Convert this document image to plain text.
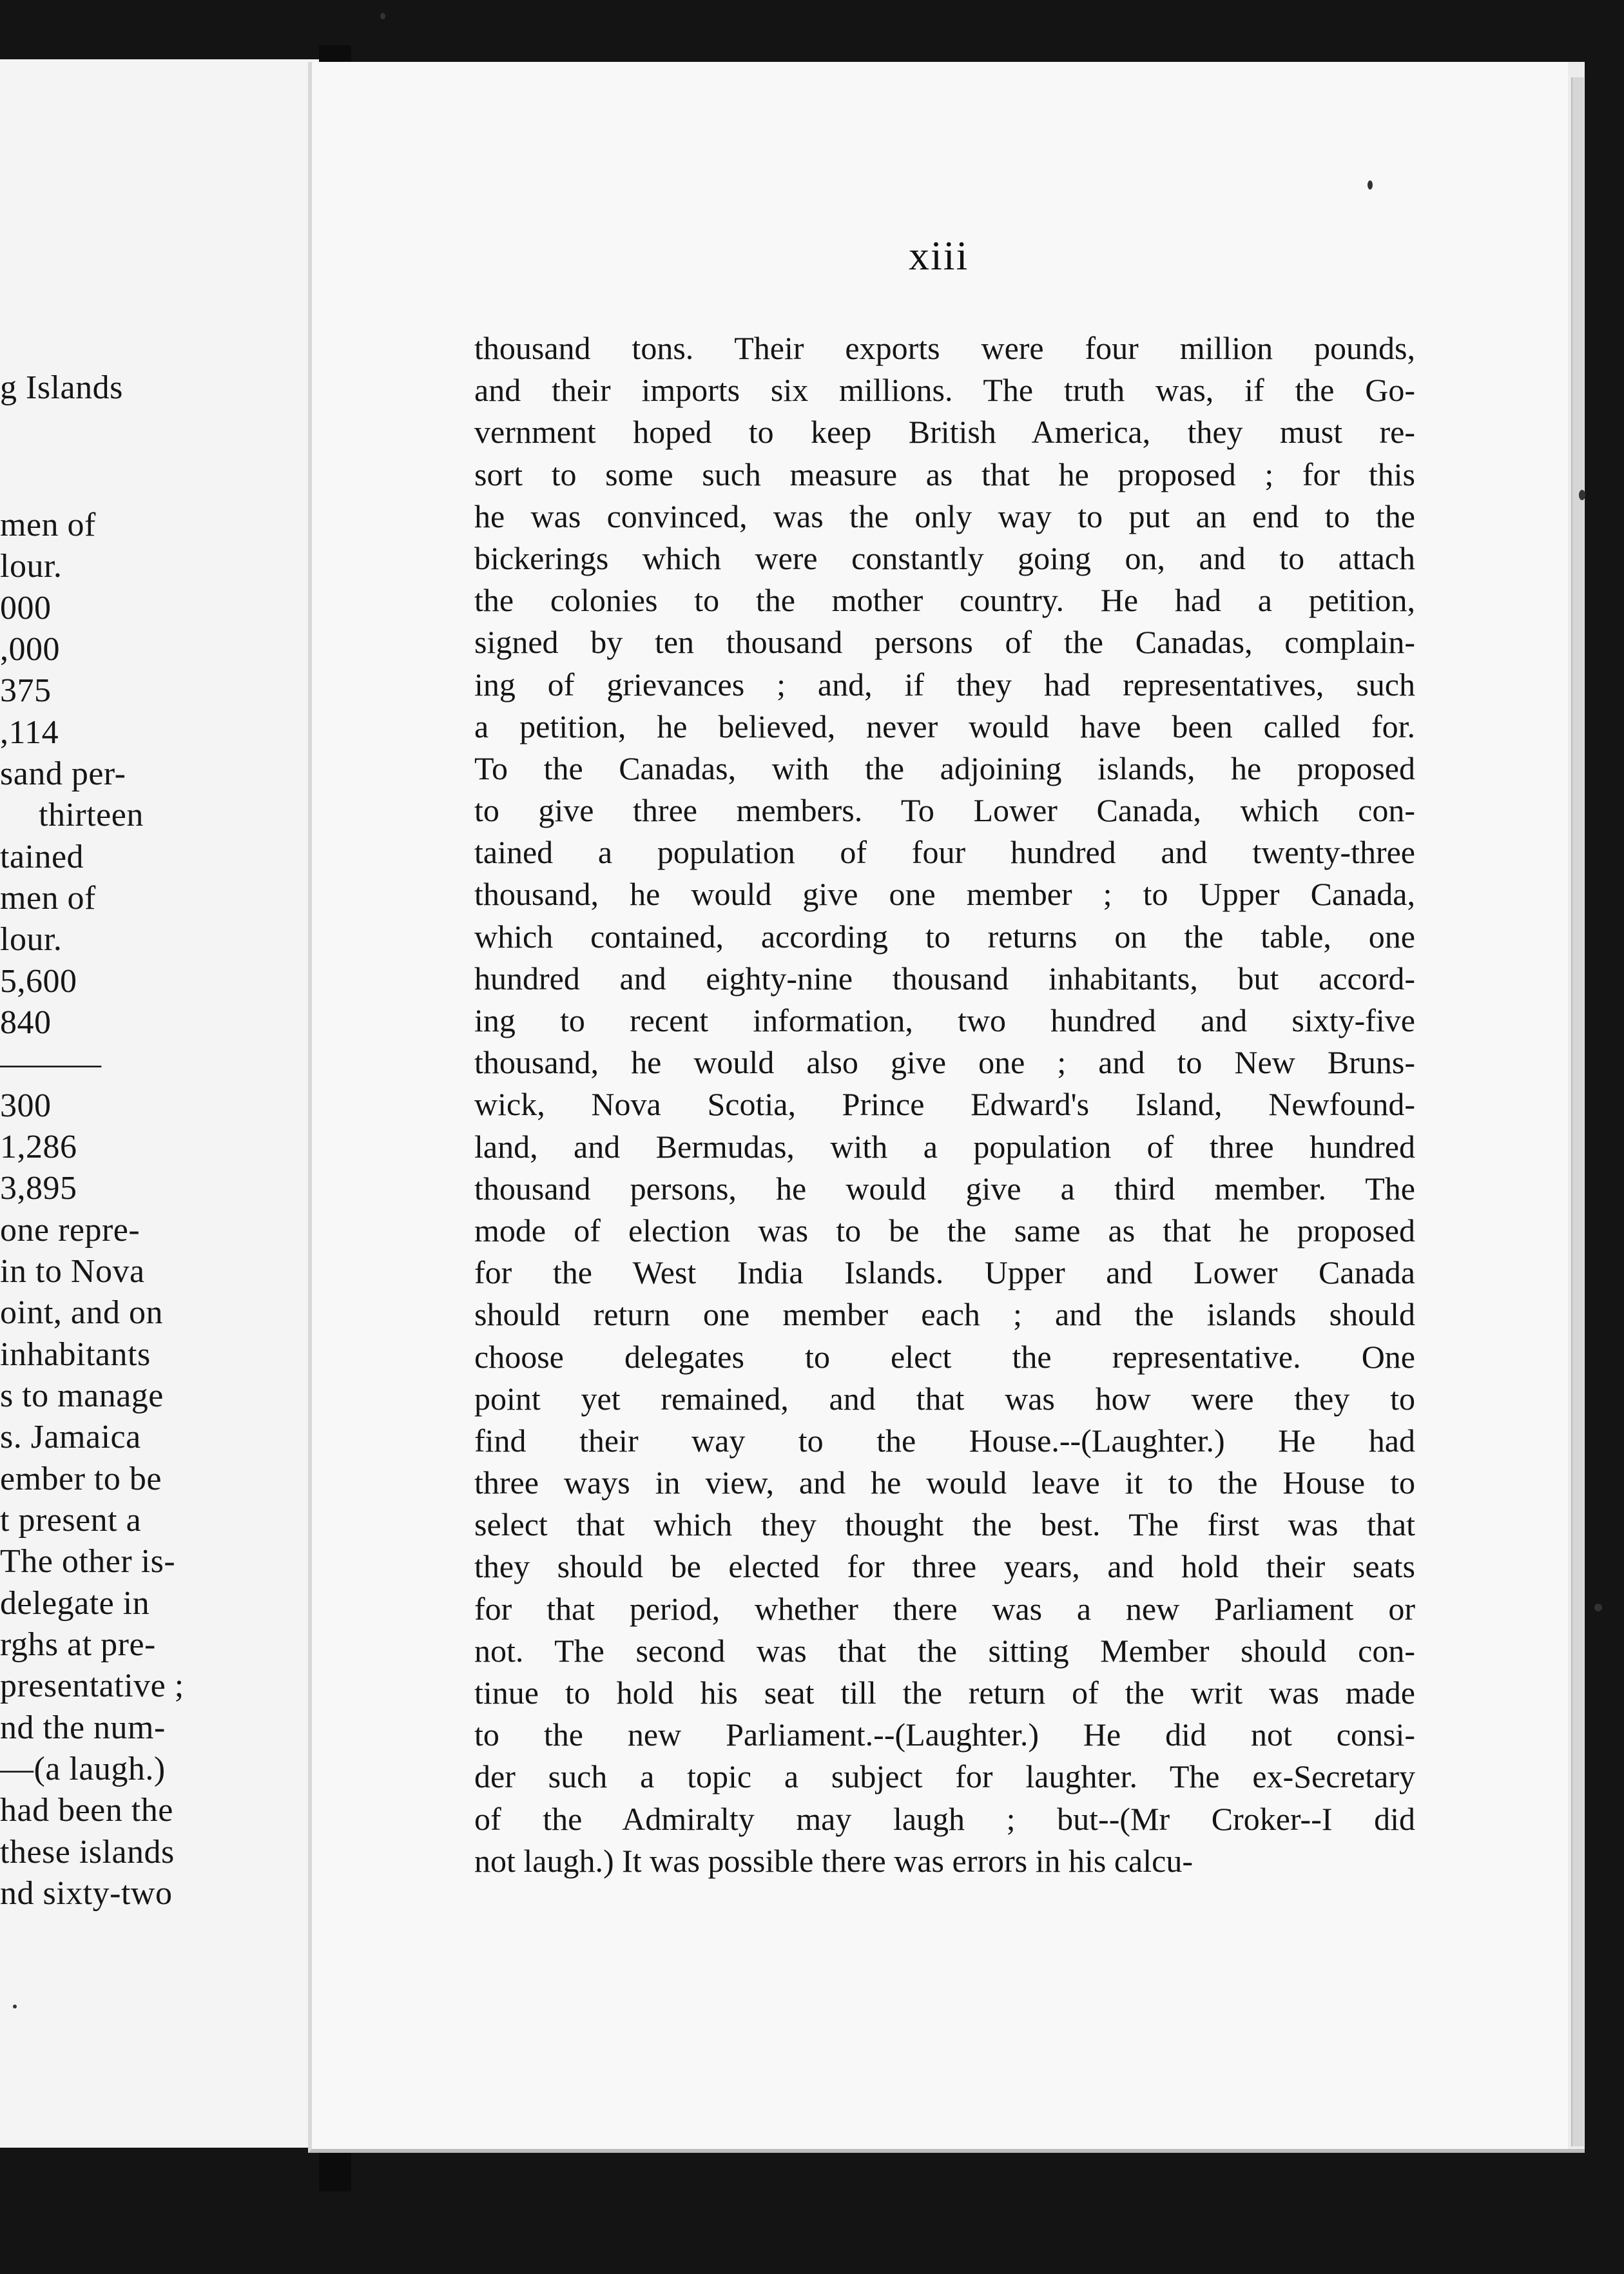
g Islands
men of
lour.
000
,000
375
,114
sand per-
thirteen
tained
men of
lour.
5,600
840
———
300
1,286
3,895
one repre-
in to Nova
oint, and on
inhabitants
s to manage
s. Jamaica
ember to be
t present a
The other is-
delegate in
rghs at pre-
presentative ;
nd the num-
—(a laugh.)
had been the
these islands
nd sixty-two
xiii
thousand tons. Their exports were four million pounds,
and their imports six millions. The truth was, if the Go-
vernment hoped to keep British America, they must re-
sort to some such measure as that he proposed ; for this
he was convinced, was the only way to put an end to the
bickerings which were constantly going on, and to attach
the colonies to the mother country. He had a petition,
signed by ten thousand persons of the Canadas, complain-
ing of grievances ; and, if they had representatives, such
a petition, he believed, never would have been called for.
To the Canadas, with the adjoining islands, he proposed
to give three members. To Lower Canada, which con-
tained a population of four hundred and twenty-three
thousand, he would give one member ; to Upper Canada,
which contained, according to returns on the table, one
hundred and eighty-nine thousand inhabitants, but accord-
ing to recent information, two hundred and sixty-five
thousand, he would also give one ; and to New Bruns-
wick, Nova Scotia, Prince Edward's Island, Newfound-
land, and Bermudas, with a population of three hundred
thousand persons, he would give a third member. The
mode of election was to be the same as that he proposed
for the West India Islands. Upper and Lower Canada
should return one member each ; and the islands should
choose delegates to elect the representative. One
point yet remained, and that was how were they to
find their way to the House.--(Laughter.) He had
three ways in view, and he would leave it to the House to
select that which they thought the best. The first was that
they should be elected for three years, and hold their seats
for that period, whether there was a new Parliament or
not. The second was that the sitting Member should con-
tinue to hold his seat till the return of the writ was made
to the new Parliament.--(Laughter.) He did not consi-
der such a topic a subject for laughter. The ex-Secretary
of the Admiralty may laugh ; but--(Mr Croker--I did
not laugh.) It was possible there was errors in his calcu-
